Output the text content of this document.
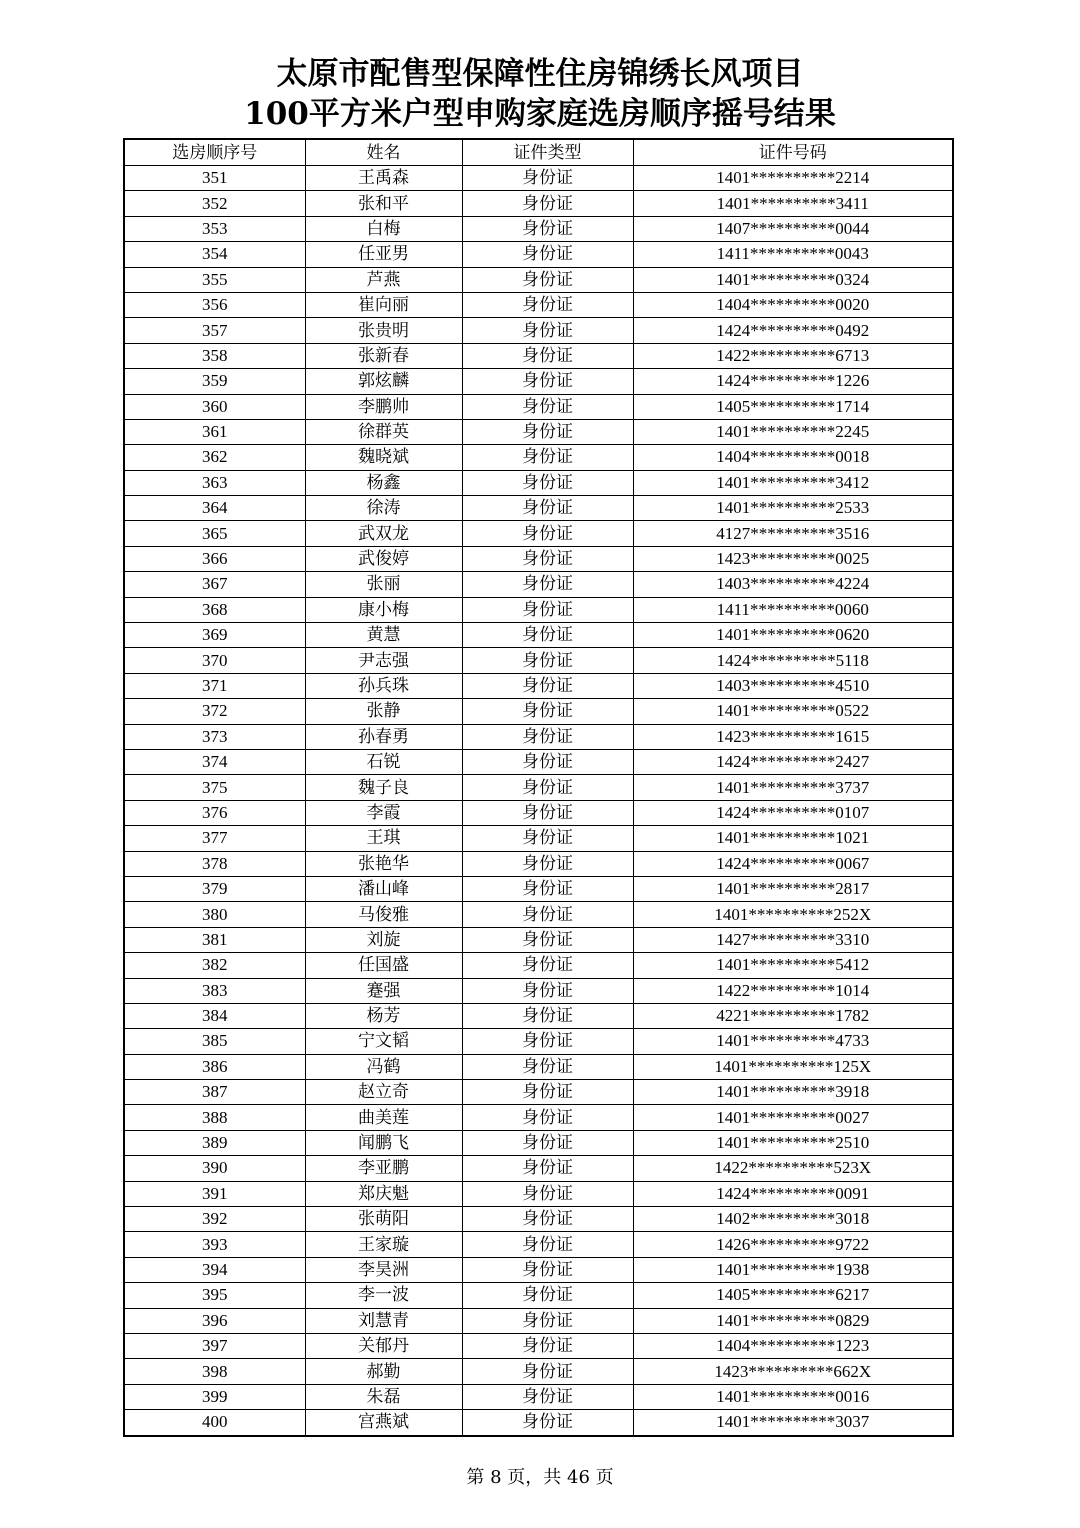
太原市配售型保障性住房锦绣长风项目
100平方米户型申购家庭选房顺序摇号结果
选房顺序号	姓名	证件类型	证件号码
351	王禹森	身份证	1401**********2214
352	张和平	身份证	1401**********3411
353	白梅	身份证	1407**********0044
354	任亚男	身份证	1411**********0043
355	芦燕	身份证	1401**********0324
356	崔向丽	身份证	1404**********0020
357	张贵明	身份证	1424**********0492
358	张新春	身份证	1422**********6713
359	郭炫麟	身份证	1424**********1226
360	李鹏帅	身份证	1405**********1714
361	徐群英	身份证	1401**********2245
362	魏晓斌	身份证	1404**********0018
363	杨鑫	身份证	1401**********3412
364	徐涛	身份证	1401**********2533
365	武双龙	身份证	4127**********3516
366	武俊婷	身份证	1423**********0025
367	张丽	身份证	1403**********4224
368	康小梅	身份证	1411**********0060
369	黄慧	身份证	1401**********0620
370	尹志强	身份证	1424**********5118
371	孙兵珠	身份证	1403**********4510
372	张静	身份证	1401**********0522
373	孙春勇	身份证	1423**********1615
374	石锐	身份证	1424**********2427
375	魏子良	身份证	1401**********3737
376	李霞	身份证	1424**********0107
377	王琪	身份证	1401**********1021
378	张艳华	身份证	1424**********0067
379	潘山峰	身份证	1401**********2817
380	马俊雅	身份证	1401**********252X
381	刘旋	身份证	1427**********3310
382	任国盛	身份证	1401**********5412
383	蹇强	身份证	1422**********1014
384	杨芳	身份证	4221**********1782
385	宁文韬	身份证	1401**********4733
386	冯鹤	身份证	1401**********125X
387	赵立奇	身份证	1401**********3918
388	曲美莲	身份证	1401**********0027
389	闻鹏飞	身份证	1401**********2510
390	李亚鹏	身份证	1422**********523X
391	郑庆魁	身份证	1424**********0091
392	张萌阳	身份证	1402**********3018
393	王家璇	身份证	1426**********9722
394	李昊洲	身份证	1401**********1938
395	李一波	身份证	1405**********6217
396	刘慧青	身份证	1401**********0829
397	关郁丹	身份证	1404**********1223
398	郝勤	身份证	1423**********662X
399	朱磊	身份证	1401**********0016
400	宫燕斌	身份证	1401**********3037
第 8 页，共 46 页
